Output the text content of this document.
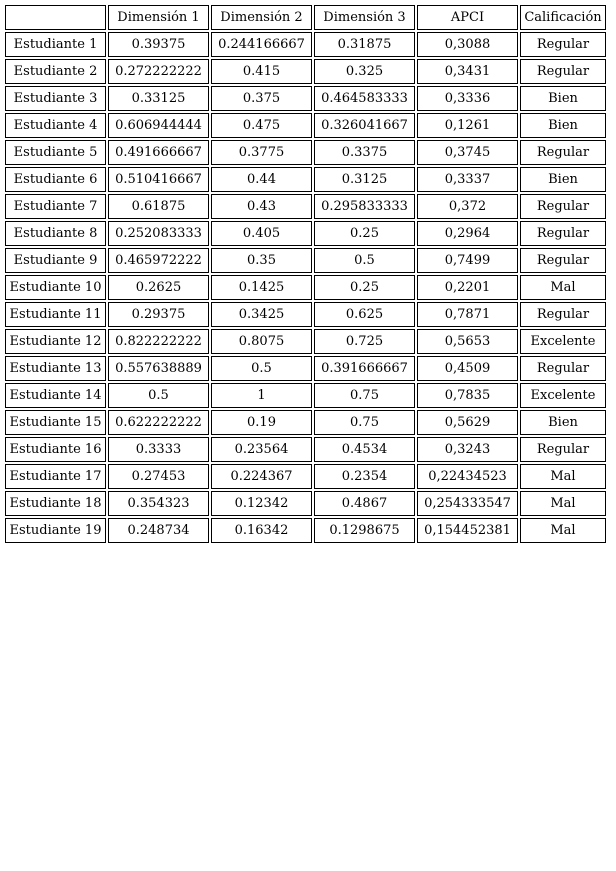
	Dimensión 1	Dimensión 2	Dimensión 3	APCI	Calificación
Estudiante 1	0.39375	0.244166667	0.31875	0,3088	Regular
Estudiante 2	0.272222222	0.415	0.325	0,3431	Regular
Estudiante 3	0.33125	0.375	0.464583333	0,3336	Bien
Estudiante 4	0.606944444	0.475	0.326041667	0,1261	Bien
Estudiante 5	0.491666667	0.3775	0.3375	0,3745	Regular
Estudiante 6	0.510416667	0.44	0.3125	0,3337	Bien
Estudiante 7	0.61875	0.43	0.295833333	0,372	Regular
Estudiante 8	0.252083333	0.405	0.25	0,2964	Regular
Estudiante 9	0.465972222	0.35	0.5	0,7499	Regular
Estudiante 10	0.2625	0.1425	0.25	0,2201	Mal
Estudiante 11	0.29375	0.3425	0.625	0,7871	Regular
Estudiante 12	0.822222222	0.8075	0.725	0,5653	Excelente
Estudiante 13	0.557638889	0.5	0.391666667	0,4509	Regular
Estudiante 14	0.5	1	0.75	0,7835	Excelente
Estudiante 15	0.622222222	0.19	0.75	0,5629	Bien
Estudiante 16	0.3333	0.23564	0.4534	0,3243	Regular
Estudiante 17	0.27453	0.224367	0.2354	0,22434523	Mal
Estudiante 18	0.354323	0.12342	0.4867	0,254333547	Mal
Estudiante 19	0.248734	0.16342	0.1298675	0,154452381	Mal
